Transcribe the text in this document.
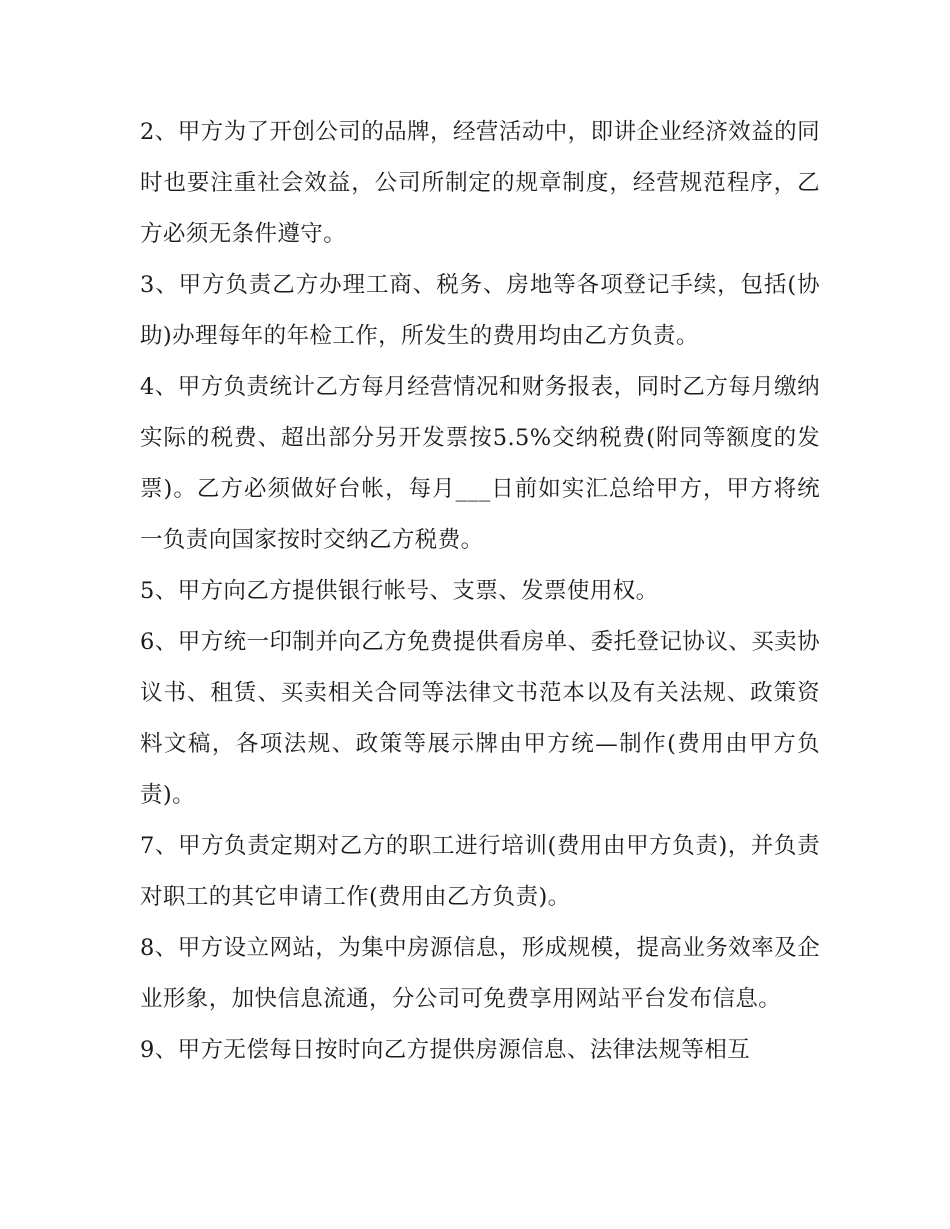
2、甲方为了开创公司的品牌，经营活动中，即讲企业经济效益的同时也要注重社会效益，公司所制定的规章制度，经营规范程序，乙方必须无条件遵守。

3、甲方负责乙方办理工商、税务、房地等各项登记手续，包括(协助)办理每年的年检工作，所发生的费用均由乙方负责。

4、甲方负责统计乙方每月经营情况和财务报表，同时乙方每月缴纳实际的税费、超出部分另开发票按5.5%交纳税费(附同等额度的发票)。乙方必须做好台帐，每月___日前如实汇总给甲方，甲方将统一负责向国家按时交纳乙方税费。

5、甲方向乙方提供银行帐号、支票、发票使用权。

6、甲方统一印制并向乙方免费提供看房单、委托登记协议、买卖协议书、租赁、买卖相关合同等法律文书范本以及有关法规、政策资料文稿，各项法规、政策等展示牌由甲方统—制作(费用由甲方负责)。

7、甲方负责定期对乙方的职工进行培训(费用由甲方负责)，并负责对职工的其它申请工作(费用由乙方负责)。

8、甲方设立网站，为集中房源信息，形成规模，提高业务效率及企业形象，加快信息流通，分公司可免费享用网站平台发布信息。

9、甲方无偿每日按时向乙方提供房源信息、法律法规等相互
